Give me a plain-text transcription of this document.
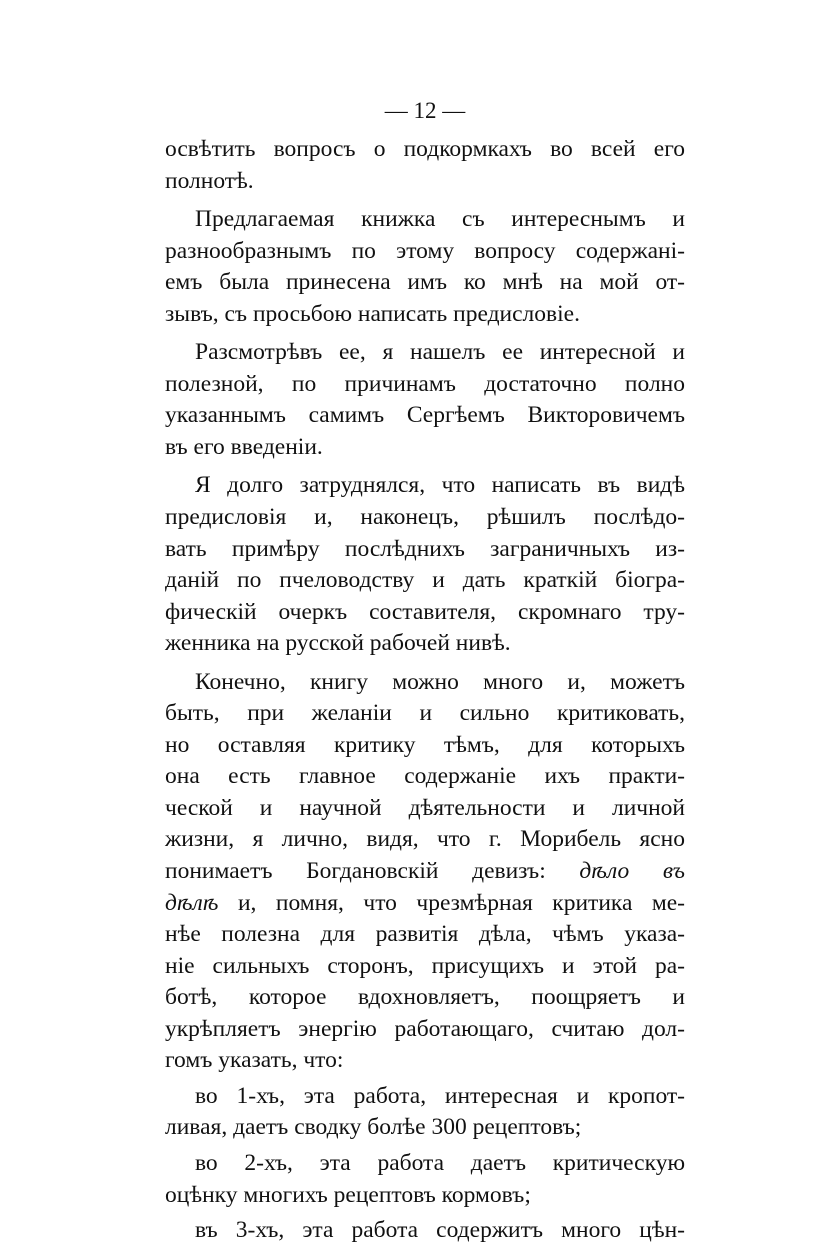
— 12 —
освѣтить вопросъ о подкормкахъ во всей его
полнотѣ.
Предлагаемая книжка съ интереснымъ и
разнообразнымъ по этому вопросу содержані-
емъ была принесена имъ ко мнѣ на мой от-
зывъ, съ просьбою написать предисловіе.
Разсмотрѣвъ ее, я нашелъ ее интересной и
полезной, по причинамъ достаточно полно
указаннымъ самимъ Сергѣемъ Викторовичемъ
въ его введеніи.
Я долго затруднялся, что написать въ видѣ
предисловія и, наконецъ, рѣшилъ послѣдо-
вать примѣру послѣднихъ заграничныхъ из-
даній по пчеловодству и дать краткій біогра-
фическій очеркъ составителя, скромнаго тру-
женника на русской рабочей нивѣ.
Конечно, книгу можно много и, можетъ
быть, при желаніи и сильно критиковать,
но оставляя критику тѣмъ, для которыхъ
она есть главное содержаніе ихъ практи-
ческой и научной дѣятельности и личной
жизни, я лично, видя, что г. Морибель ясно
понимаетъ Богдановскій девизъ: дѣло въ
дѣлѣ и, помня, что чрезмѣрная критика ме-
нѣе полезна для развитія дѣла, чѣмъ указа-
ніе сильныхъ сторонъ, присущихъ и этой ра-
ботѣ, которое вдохновляетъ, поощряетъ и
укрѣпляетъ энергію работающаго, считаю дол-
гомъ указать, что:
во 1-хъ, эта работа, интересная и кропот-
ливая, даетъ сводку болѣе 300 рецептовъ;
во 2-хъ, эта работа даетъ критическую
оцѣнку многихъ рецептовъ кормовъ;
въ 3-хъ, эта работа содержитъ много цѣн-
